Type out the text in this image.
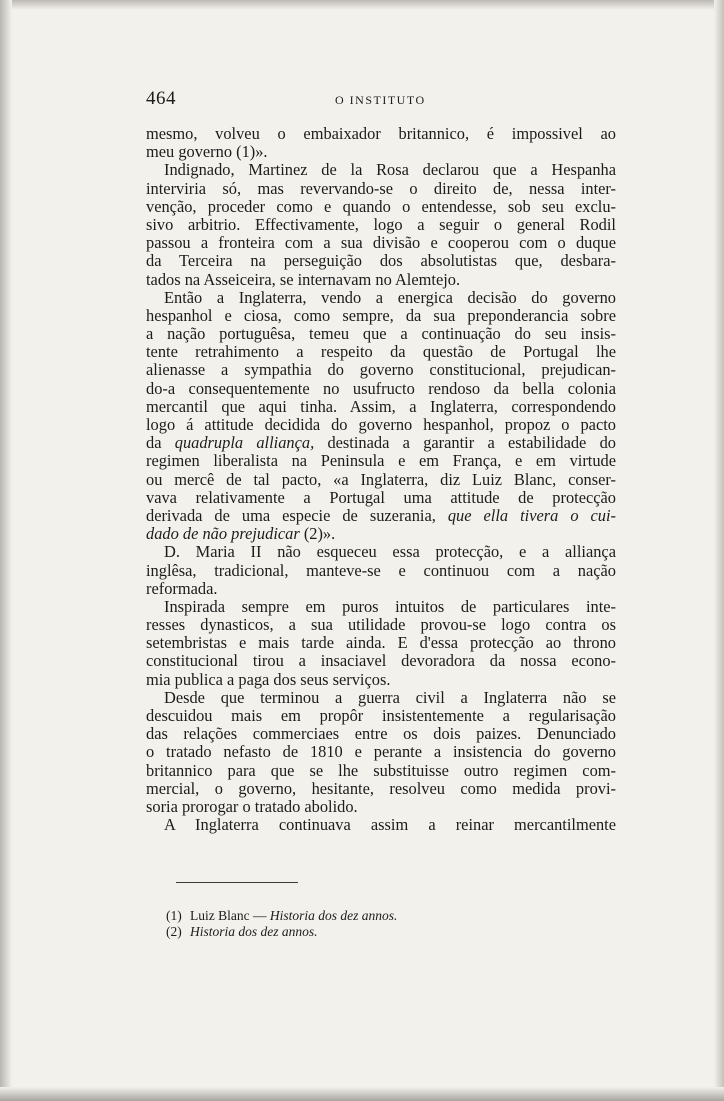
464	O INSTITUTO
mesmo, volveu o embaixador britannico, é impossivel ao
meu governo (1)».
Indignado, Martinez de la Rosa declarou que a Hespanha
interviria só, mas revervando-se o direito de, nessa inter-
venção, proceder como e quando o entendesse, sob seu exclu-
sivo arbitrio. Effectivamente, logo a seguir o general Rodil
passou a fronteira com a sua divisão e cooperou com o duque
da Terceira na perseguição dos absolutistas que, desbara-
tados na Asseiceira, se internavam no Alemtejo.
Então a Inglaterra, vendo a energica decisão do governo
hespanhol e ciosa, como sempre, da sua preponderancia sobre
a nação portuguêsa, temeu que a continuação do seu insis-
tente retrahimento a respeito da questão de Portugal lhe
alienasse a sympathia do governo constitucional, prejudican-
do-a consequentemente no usufructo rendoso da bella colonia
mercantil que aqui tinha. Assim, a Inglaterra, correspondendo
logo á attitude decidida do governo hespanhol, propoz o pacto
da quadrupla alliança, destinada a garantir a estabilidade do
regimen liberalista na Peninsula e em França, e em virtude
ou mercê de tal pacto, «a Inglaterra, diz Luiz Blanc, conser-
vava relativamente a Portugal uma attitude de protecção
derivada de uma especie de suzerania, que ella tivera o cui-
dado de não prejudicar (2)».
D. Maria II não esqueceu essa protecção, e a alliança
inglêsa, tradicional, manteve-se e continuou com a nação
reformada.
Inspirada sempre em puros intuitos de particulares inte-
resses dynasticos, a sua utilidade provou-se logo contra os
setembristas e mais tarde ainda. E d'essa protecção ao throno
constitucional tirou a insaciavel devoradora da nossa econo-
mia publica a paga dos seus serviços.
Desde que terminou a guerra civil a Inglaterra não se
descuidou mais em propôr insistentemente a regularisação
das relações commerciaes entre os dois paizes. Denunciado
o tratado nefasto de 1810 e perante a insistencia do governo
britannico para que se lhe substituisse outro regimen com-
mercial, o governo, hesitante, resolveu como medida provi-
soria prorogar o tratado abolido.
A Inglaterra continuava assim a reinar mercantilmente
(1) Luiz Blanc — Historia dos dez annos.
(2) Historia dos dez annos.
